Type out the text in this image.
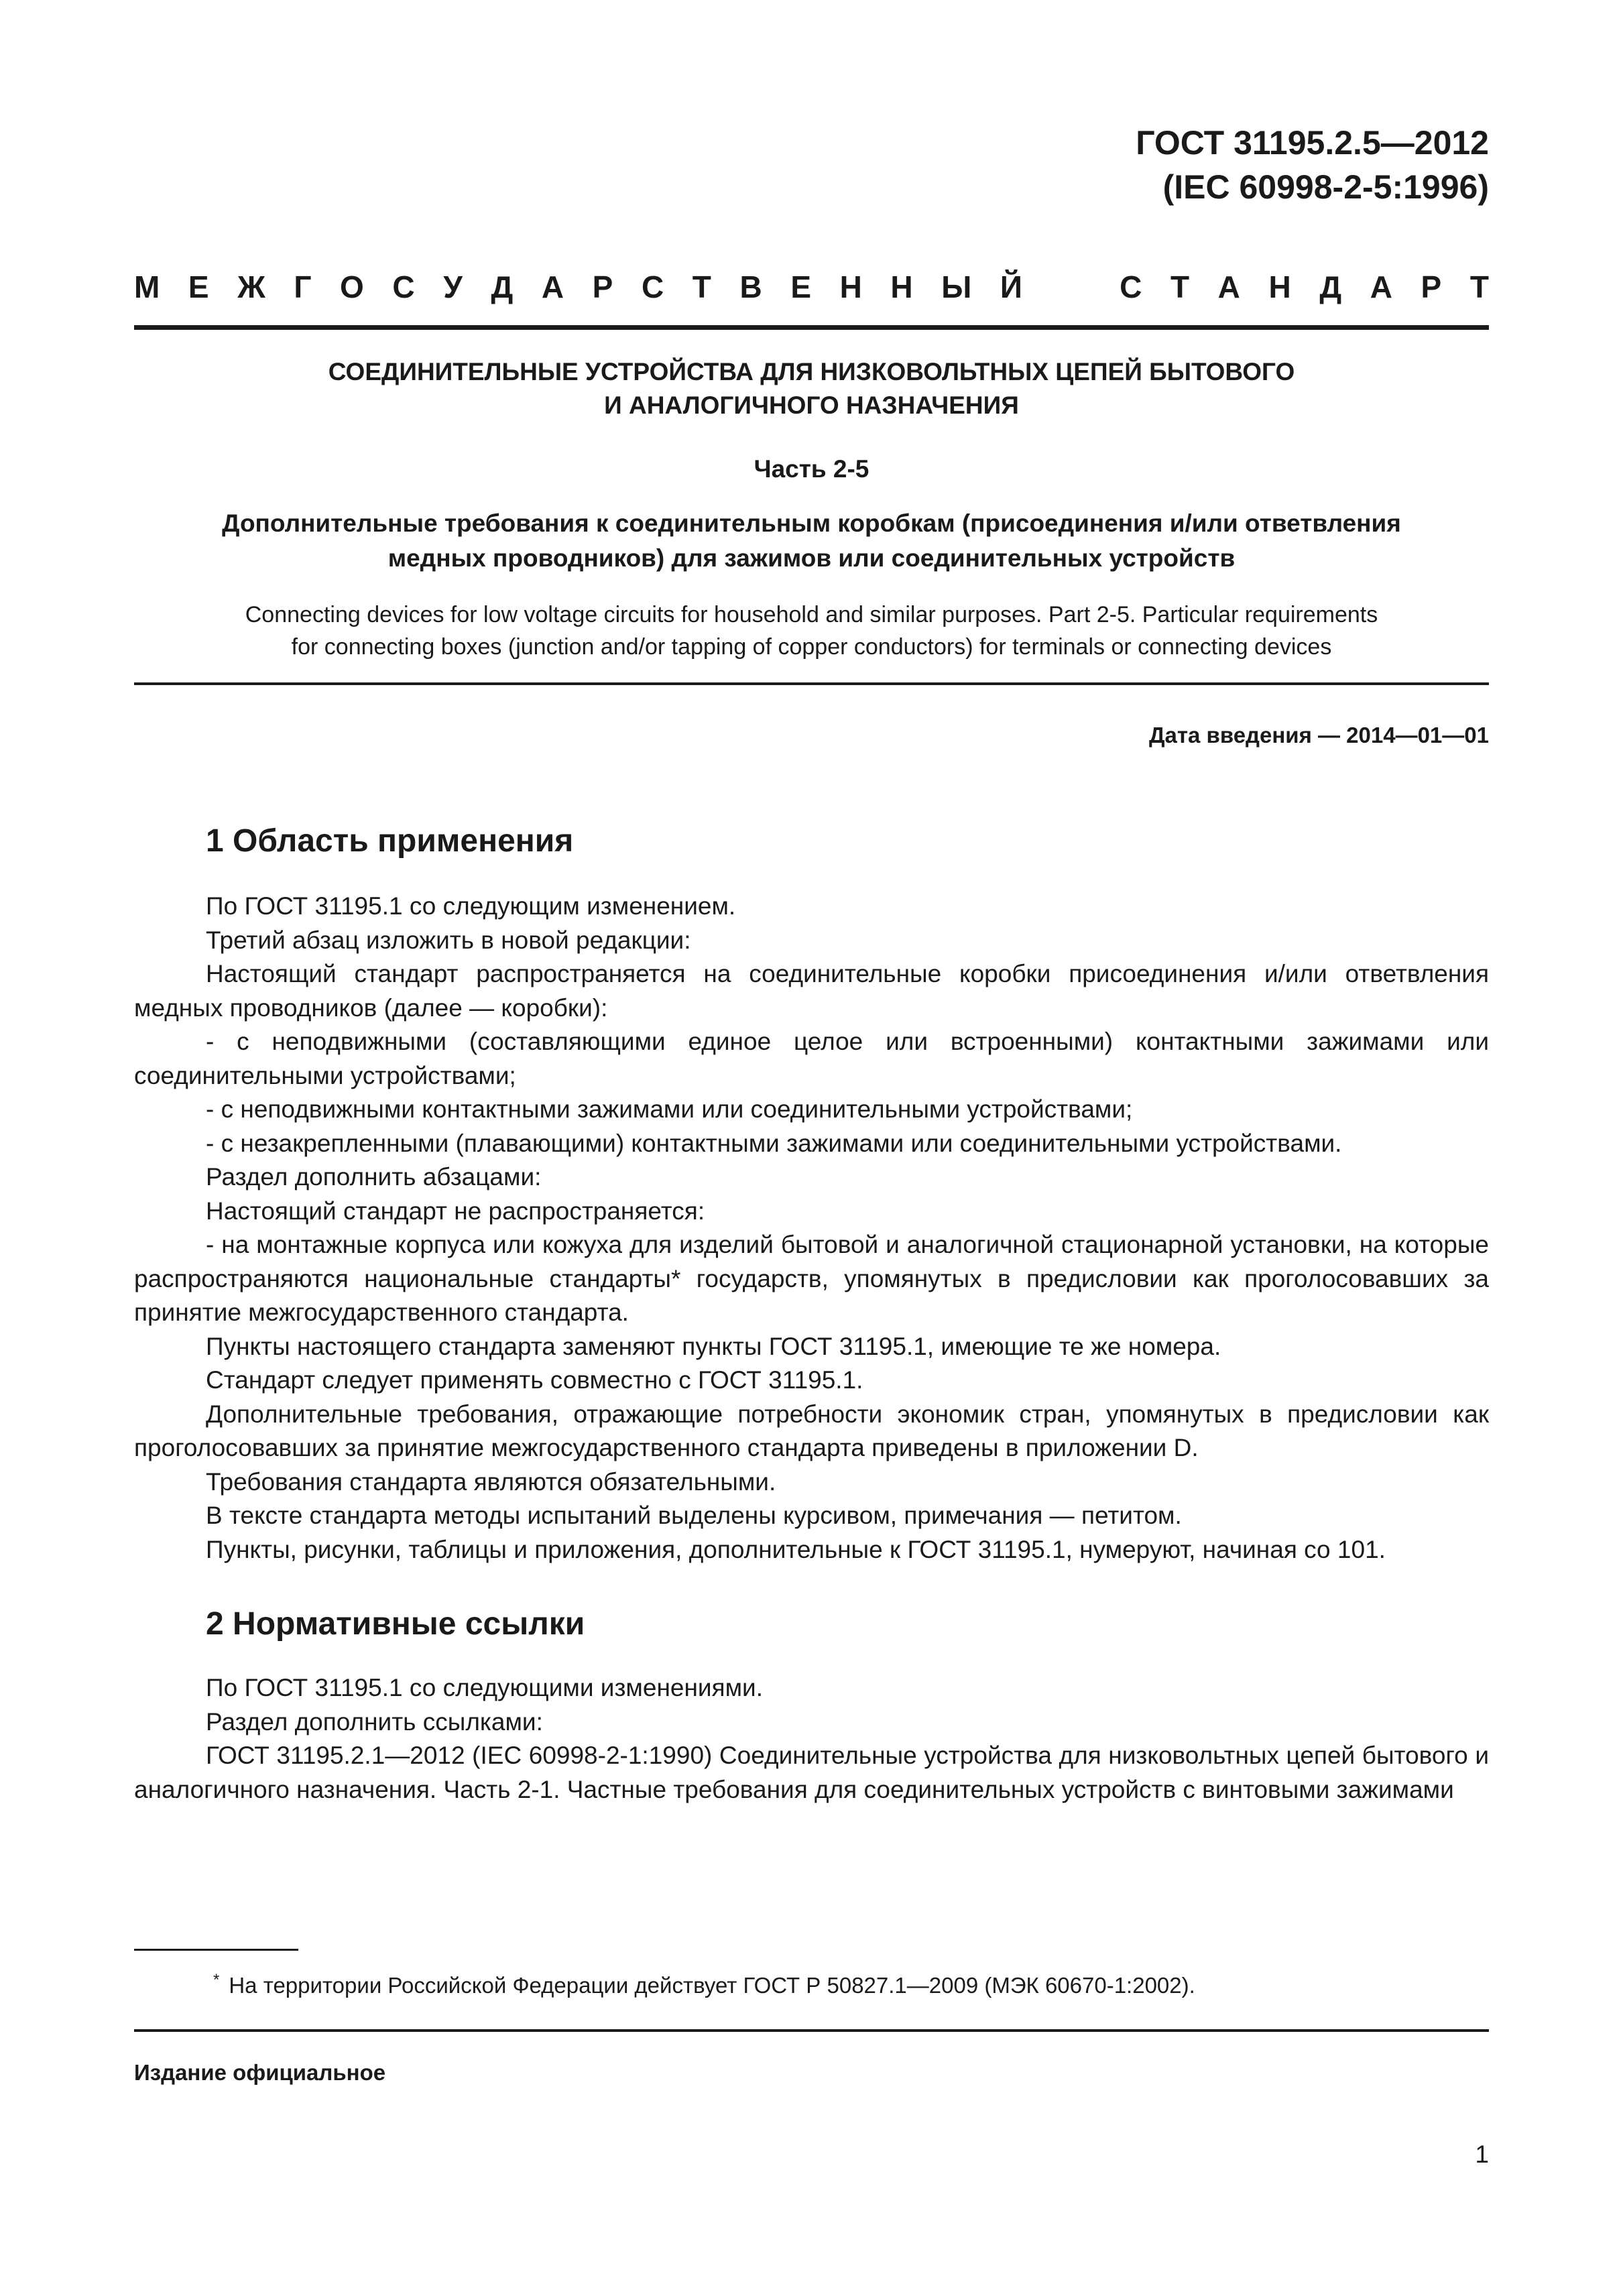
ГОСТ 31195.2.5—2012
(IEC 60998-2-5:1996)
М Е Ж Г О С У Д А Р С Т В Е Н Н Ы Й	С Т А Н Д А Р Т
СОЕДИНИТЕЛЬНЫЕ УСТРОЙСТВА ДЛЯ НИЗКОВОЛЬТНЫХ ЦЕПЕЙ БЫТОВОГО
И АНАЛОГИЧНОГО НАЗНАЧЕНИЯ
Часть 2-5
Дополнительные требования к соединительным коробкам (присоединения и/или ответвления
медных проводников) для зажимов или соединительных устройств
Connecting devices for low voltage circuits for household and similar purposes. Part 2-5. Particular requirements
for connecting boxes (junction and/or tapping of copper conductors) for terminals or connecting devices
Дата введения — 2014—01—01
1 Область применения

По ГОСТ 31195.1 со следующим изменением.

Третий абзац изложить в новой редакции:

Настоящий стандарт распространяется на соединительные коробки присоединения и/или ответвления медных проводников (далее — коробки):

- с неподвижными (составляющими единое целое или встроенными) контактными зажимами или соединительными устройствами;

- с неподвижными контактными зажимами или соединительными устройствами;

- с незакрепленными (плавающими) контактными зажимами или соединительными устройствами.

Раздел дополнить абзацами:

Настоящий стандарт не распространяется:

- на монтажные корпуса или кожуха для изделий бытовой и аналогичной стационарной установки, на которые распространяются национальные стандарты* государств, упомянутых в предисловии как проголосовавших за принятие межгосударственного стандарта.

Пункты настоящего стандарта заменяют пункты ГОСТ 31195.1, имеющие те же номера.

Стандарт следует применять совместно с ГОСТ 31195.1.

Дополнительные требования, отражающие потребности экономик стран, упомянутых в предисловии как проголосовавших за принятие межгосударственного стандарта приведены в приложении D.

Требования стандарта являются обязательными.

В тексте стандарта методы испытаний выделены курсивом, примечания — петитом.

Пункты, рисунки, таблицы и приложения, дополнительные к ГОСТ 31195.1, нумеруют, начиная со 101.

2 Нормативные ссылки

По ГОСТ 31195.1 со следующими изменениями.

Раздел дополнить ссылками:

ГОСТ 31195.2.1—2012 (IEC 60998-2-1:1990) Соединительные устройства для низковольтных цепей бытового и аналогичного назначения. Часть 2-1. Частные требования для соединительных устройств с винтовыми зажимами

* На территории Российской Федерации действует ГОСТ Р 50827.1—2009 (МЭК 60670-1:2002).
Издание официальное
1
